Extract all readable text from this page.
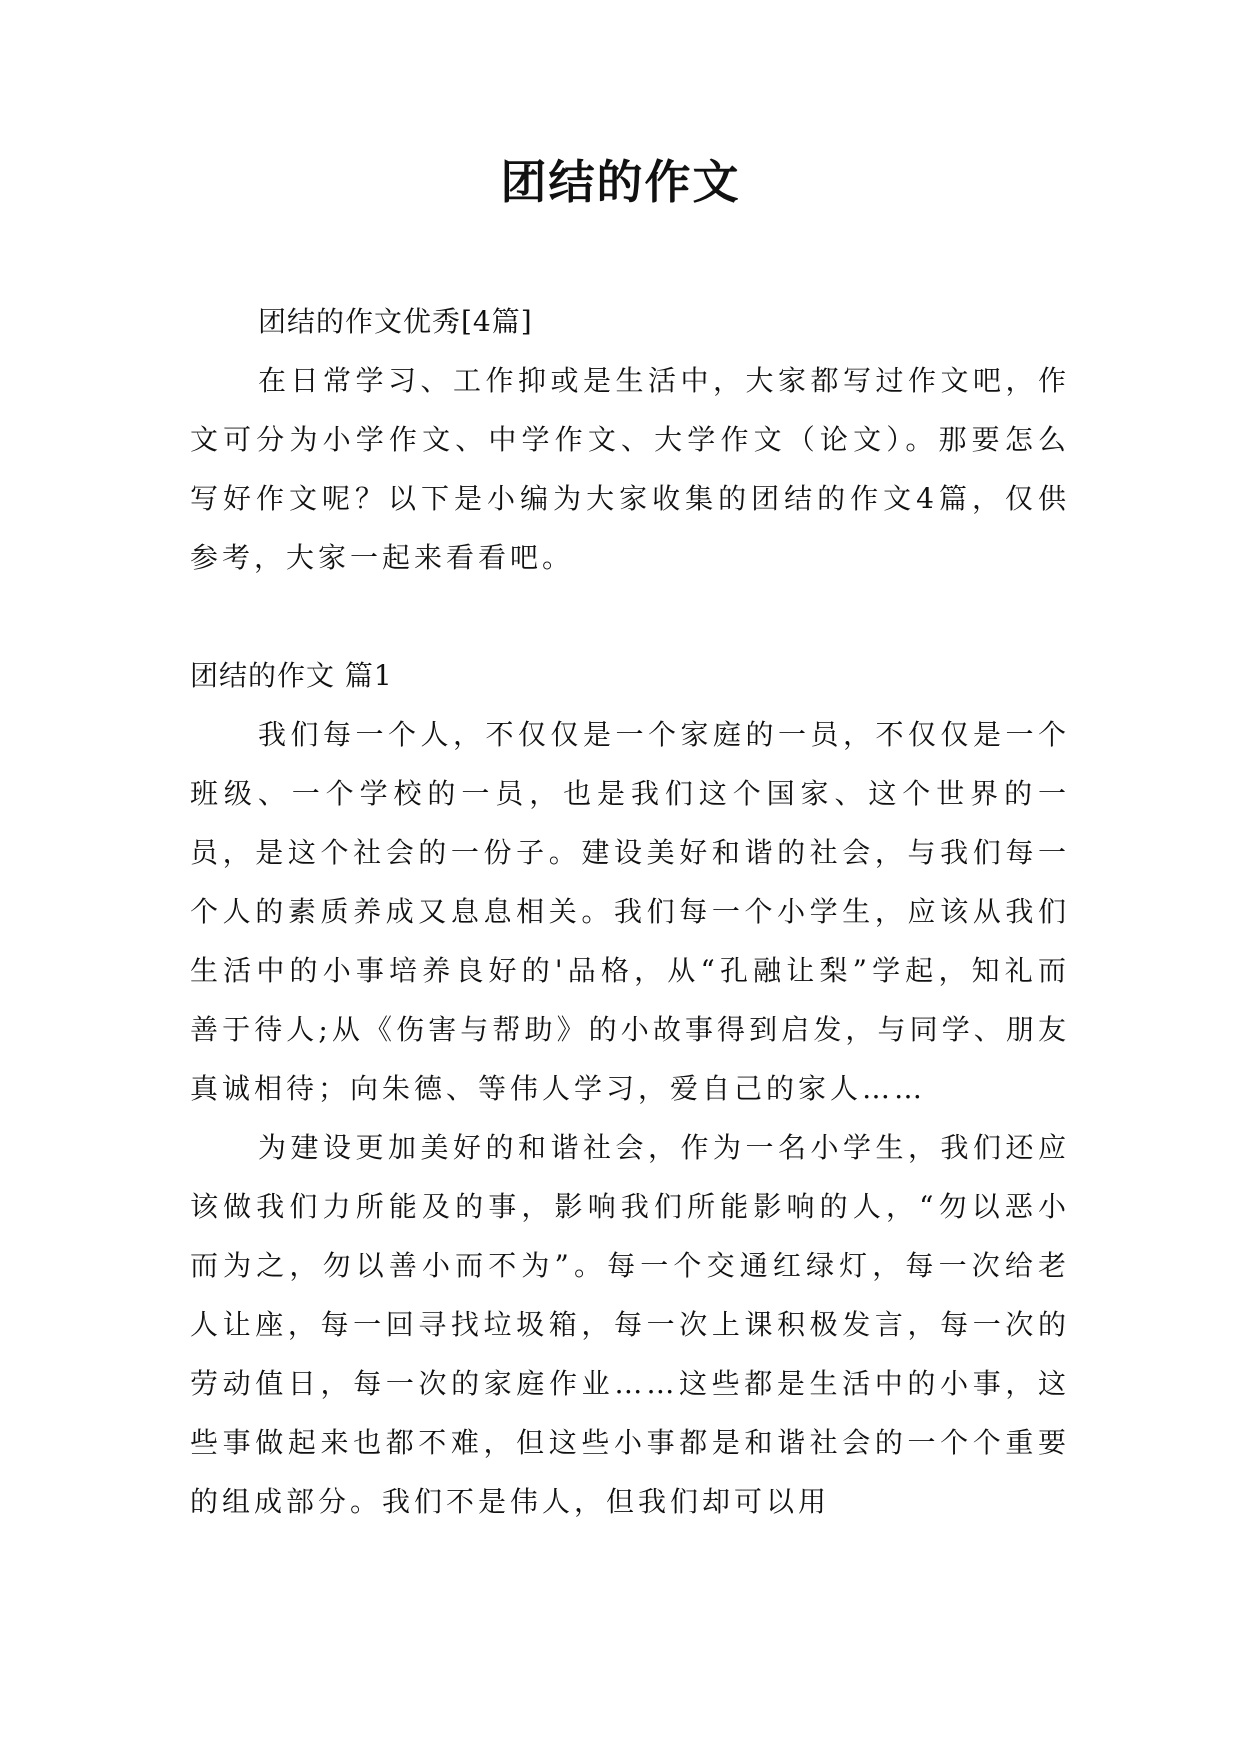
团结的作文

团结的作文优秀[4篇]

在日常学习、工作抑或是生活中，大家都写过作文吧，作文可分为小学作文、中学作文、大学作文（论文）。那要怎么写好作文呢？以下是小编为大家收集的团结的作文4篇，仅供参考，大家一起来看看吧。

团结的作文 篇1

我们每一个人，不仅仅是一个家庭的一员，不仅仅是一个班级、一个学校的一员，也是我们这个国家、这个世界的一员，是这个社会的一份子。建设美好和谐的社会，与我们每一个人的素质养成又息息相关。我们每一个小学生，应该从我们生活中的小事培养良好的'品格，从“孔融让梨”学起，知礼而善于待人;从《伤害与帮助》的小故事得到启发，与同学、朋友真诚相待；向朱德、等伟人学习，爱自己的家人……

为建设更加美好的和谐社会，作为一名小学生，我们还应该做我们力所能及的事，影响我们所能影响的人，“勿以恶小而为之，勿以善小而不为”。每一个交通红绿灯，每一次给老人让座，每一回寻找垃圾箱，每一次上课积极发言，每一次的劳动值日，每一次的家庭作业……这些都是生活中的小事，这些事做起来也都不难，但这些小事都是和谐社会的一个个重要的组成部分。我们不是伟人，但我们却可以用
